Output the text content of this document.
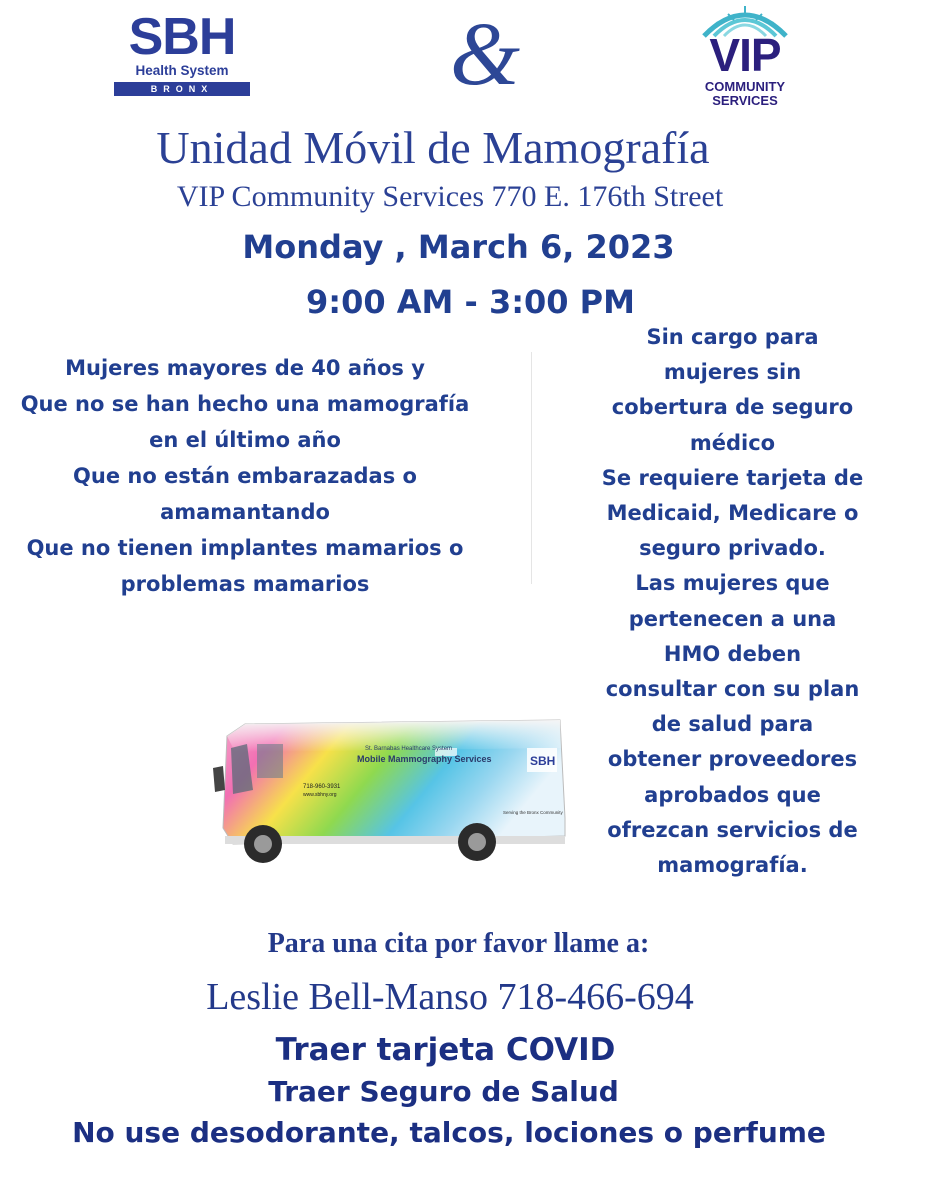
SBH
Health System
BRONX	&	VIP
COMMUNITY
SERVICES
Unidad Móvil de Mamografía
VIP Community Services 770 E. 176th Street
Monday , March 6, 2023
9:00 AM - 3:00 PM
Mujeres mayores de 40 años y
Que no se han hecho una mamografía
en el último año
Que no están embarazadas o
amamantando
Que no tienen implantes mamarios o
problemas mamarios
Sin cargo para
mujeres sin
cobertura de seguro
médico
Se requiere tarjeta de
Medicaid, Medicare o
seguro privado.
Las mujeres que
pertenecen a una
HMO deben
consultar con su plan
de salud para
obtener proveedores
aprobados que
ofrezcan servicios de
mamografía.
St. Barnabas Healthcare System
Mobile Mammography Services	SBH
718-960-3931
www.sbhny.org
Serving the Bronx Community
Para una cita por favor llame a:
Leslie Bell-Manso 718-466-694
Traer tarjeta COVID
Traer Seguro de Salud
No use desodorante, talcos, lociones o perfume
